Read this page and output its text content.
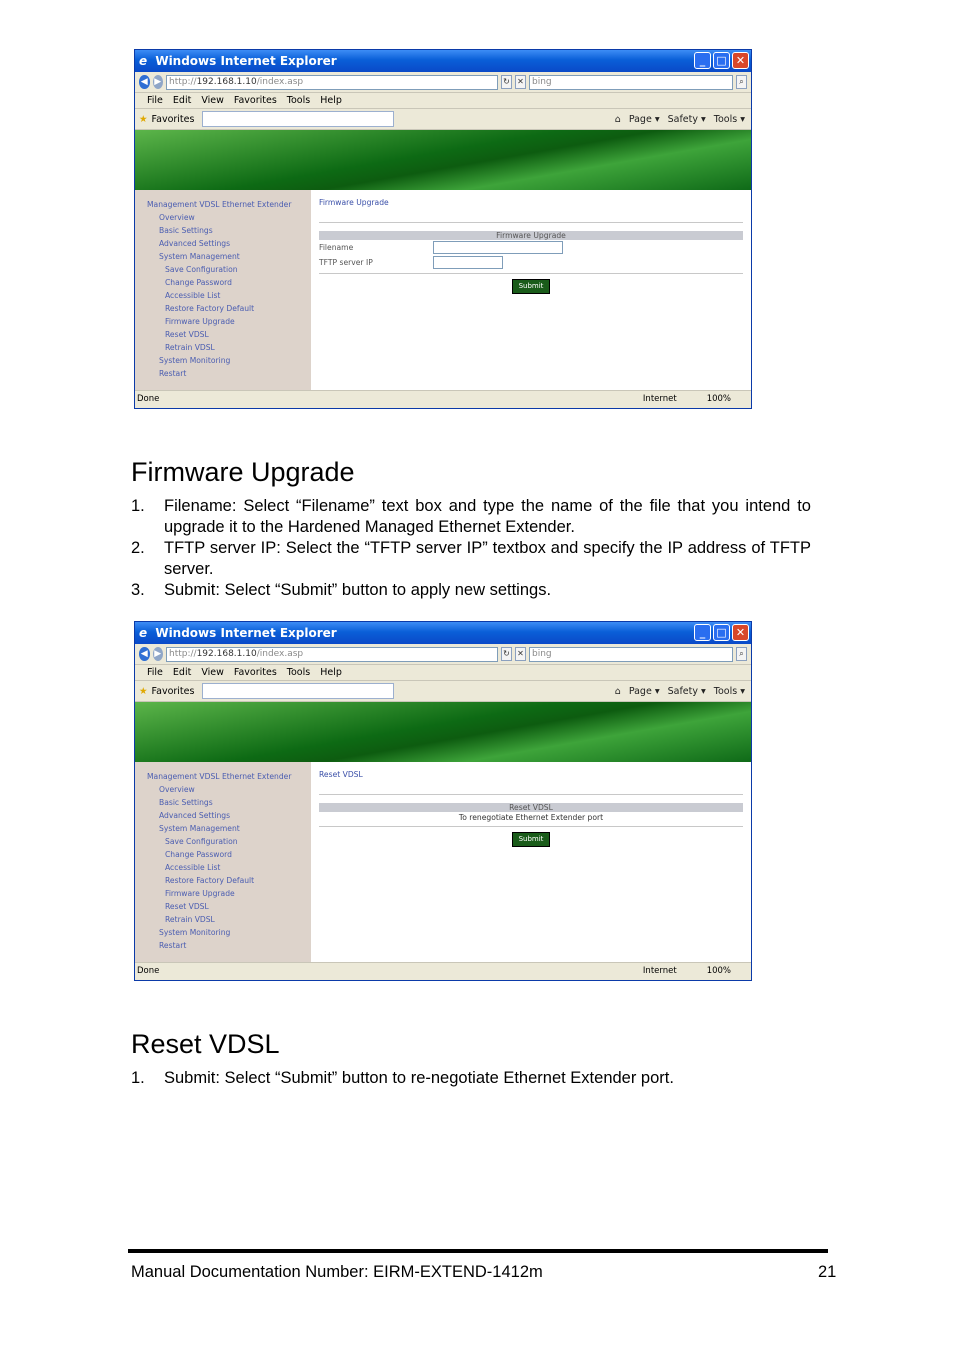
e Windows Internet Explorer	_	□ ✕
◀ ▶ http://192.168.1.10/index.asp	↻ ✕ bing	⌕
File Edit View Favorites Tools Help
★ Favorites	⌂ Page ▾ Safety ▾ Tools ▾
Management VDSL Ethernet Extender
Overview
Basic Settings
Advanced Settings
System Management
Save Configuration
Change Password
Accessible List
Restore Factory Default
Firmware Upgrade
Reset VDSL
Retrain VDSL
System Monitoring
Restart
Firmware Upgrade
Firmware Upgrade
Filename
TFTP server IP
Submit
Done	Internet	100%
Firmware Upgrade
1.	Filename: Select “Filename” text box and type the name of the file that you intend to upgrade it to the Hardened Managed Ethernet Extender.
2.	TFTP server IP: Select the “TFTP server IP” textbox and specify the IP address of TFTP server.
3.	Submit: Select “Submit” button to apply new settings.
e Windows Internet Explorer	_	□ ✕
◀ ▶ http://192.168.1.10/index.asp	↻ ✕ bing	⌕
File Edit View Favorites Tools Help
★ Favorites	⌂ Page ▾ Safety ▾ Tools ▾
Management VDSL Ethernet Extender
Overview
Basic Settings
Advanced Settings
System Management
Save Configuration
Change Password
Accessible List
Restore Factory Default
Firmware Upgrade
Reset VDSL
Retrain VDSL
System Monitoring
Restart
Reset VDSL
Reset VDSL
To renegotiate Ethernet Extender port
Submit
Done	Internet	100%
Reset VDSL
1.	Submit: Select “Submit” button to re-negotiate Ethernet Extender port.
Manual Documentation Number: EIRM-EXTEND-1412m	21
